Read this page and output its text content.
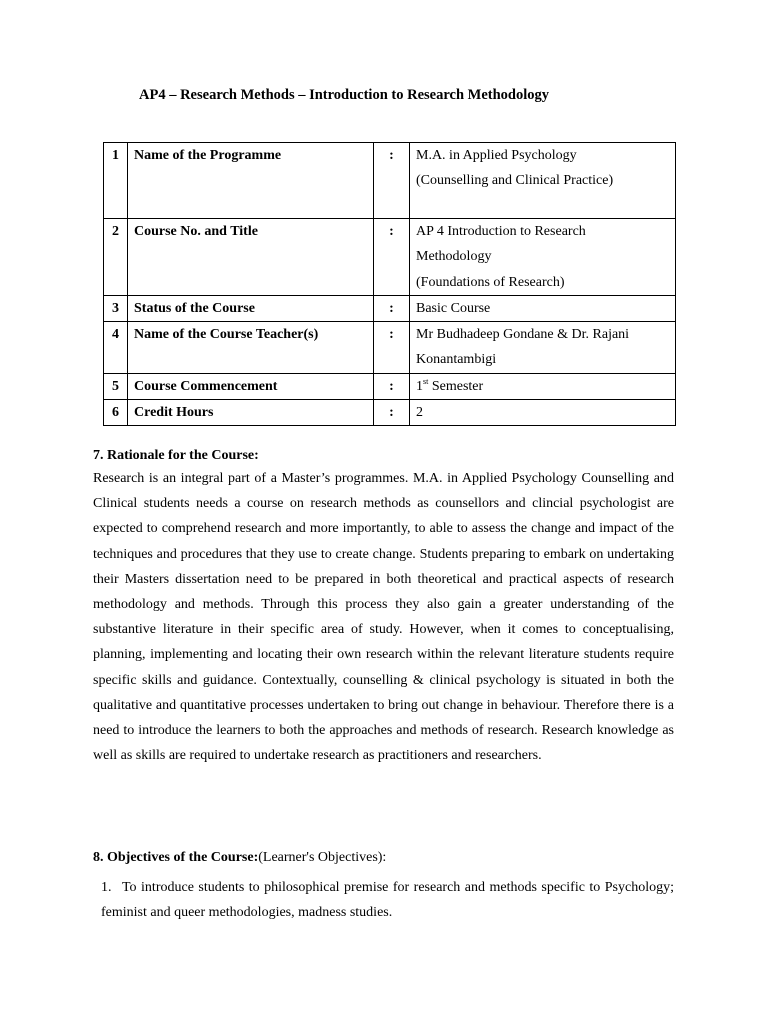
AP4 – Research Methods – Introduction to Research Methodology
1	Name of the Programme	:	M.A. in Applied Psychology
(Counselling and Clinical Practice)

2	Course No. and Title	:	AP 4 Introduction to Research
Methodology
(Foundations of Research)

3	Status of the Course	:	Basic Course

4	Name of the Course Teacher(s)	:	Mr Budhadeep Gondane & Dr. Rajani
Konantambigi

5	Course Commencement	:	1st Semester
6	Credit Hours	:	2
7. Rationale for the Course:

Research is an integral part of a Master’s programmes. M.A. in Applied Psychology Counselling and Clinical students needs a course on research methods as counsellors and clincial psychologist are expected to comprehend research and more importantly, to able to assess the change and impact of the techniques and procedures that they use to create change. Students preparing to embark on undertaking their Masters dissertation need to be prepared in both theoretical and practical aspects of research methodology and methods. Through this process they also gain a greater understanding of the substantive literature in their specific area of study. However, when it comes to conceptualising, planning, implementing and locating their own research within the relevant literature students require specific skills and guidance. Contextually, counselling & clinical psychology is situated in both the qualitative and quantitative processes undertaken to bring out change in behaviour. Therefore there is a need to introduce the learners to both the approaches and methods of research. Research knowledge as well as skills are required to undertake research as practitioners and researchers.

8. Objectives of the Course:(Learner's Objectives):
1. To introduce students to philosophical premise for research and methods specific to Psychology; feminist and queer methodologies, madness studies.
